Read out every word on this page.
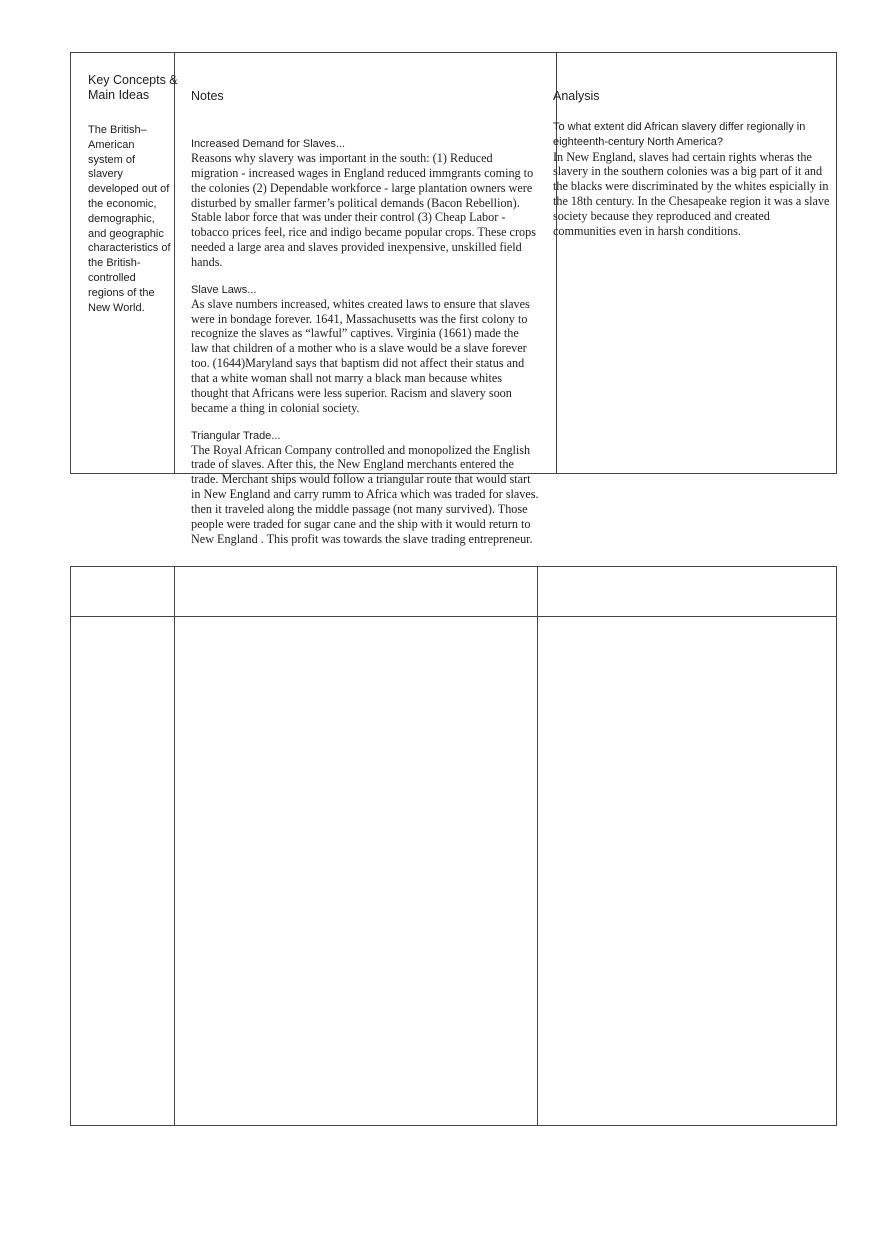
Key Concepts & Main Ideas	Notes	Analysis
The British–American system of slavery developed out of the economic, demographic, and geographic characteristics of the British-controlled regions of the New World.

Increased Demand for Slaves...

Reasons why slavery was important in the south: (1) Reduced migration - increased wages in England reduced immgrants coming to the colonies (2) Dependable workforce - large plantation owners were disturbed by smaller farmer’s political demands (Bacon Rebellion). Stable labor force that was under their control (3) Cheap Labor - tobacco prices feel, rice and indigo became popular crops. These crops needed a large area and slaves provided inexpensive, unskilled field hands.

Slave Laws...

As slave numbers increased, whites created laws to ensure that slaves were in bondage forever. 1641, Massachusetts was the first colony to recognize the slaves as “lawful” captives. Virginia (1661) made the law that children of a mother who is a slave would be a slave forever too. (1644)Maryland says that baptism did not affect their status and that a white woman shall not marry a black man because whites thought that Africans were less superior. Racism and slavery soon became a thing in colonial society.

Triangular Trade...

The Royal African Company controlled and monopolized the English trade of slaves. After this, the New England merchants entered the trade. Merchant ships would follow a triangular route that would start in New England and carry rumm to Africa which was traded for slaves. then it traveled along the middle passage (not many survived). Those people were traded for sugar cane and the ship with it would return to New England . This profit was towards the slave trading entrepreneur.

To what extent did African slavery differ regionally in eighteenth-century North America?

In New England, slaves had certain rights wheras the slavery in the southern colonies was a big part of it and the blacks were discriminated by the whites espicially in the 18th century. In the Chesapeake region it was a slave society because they reproduced and created communities even in harsh conditions.
